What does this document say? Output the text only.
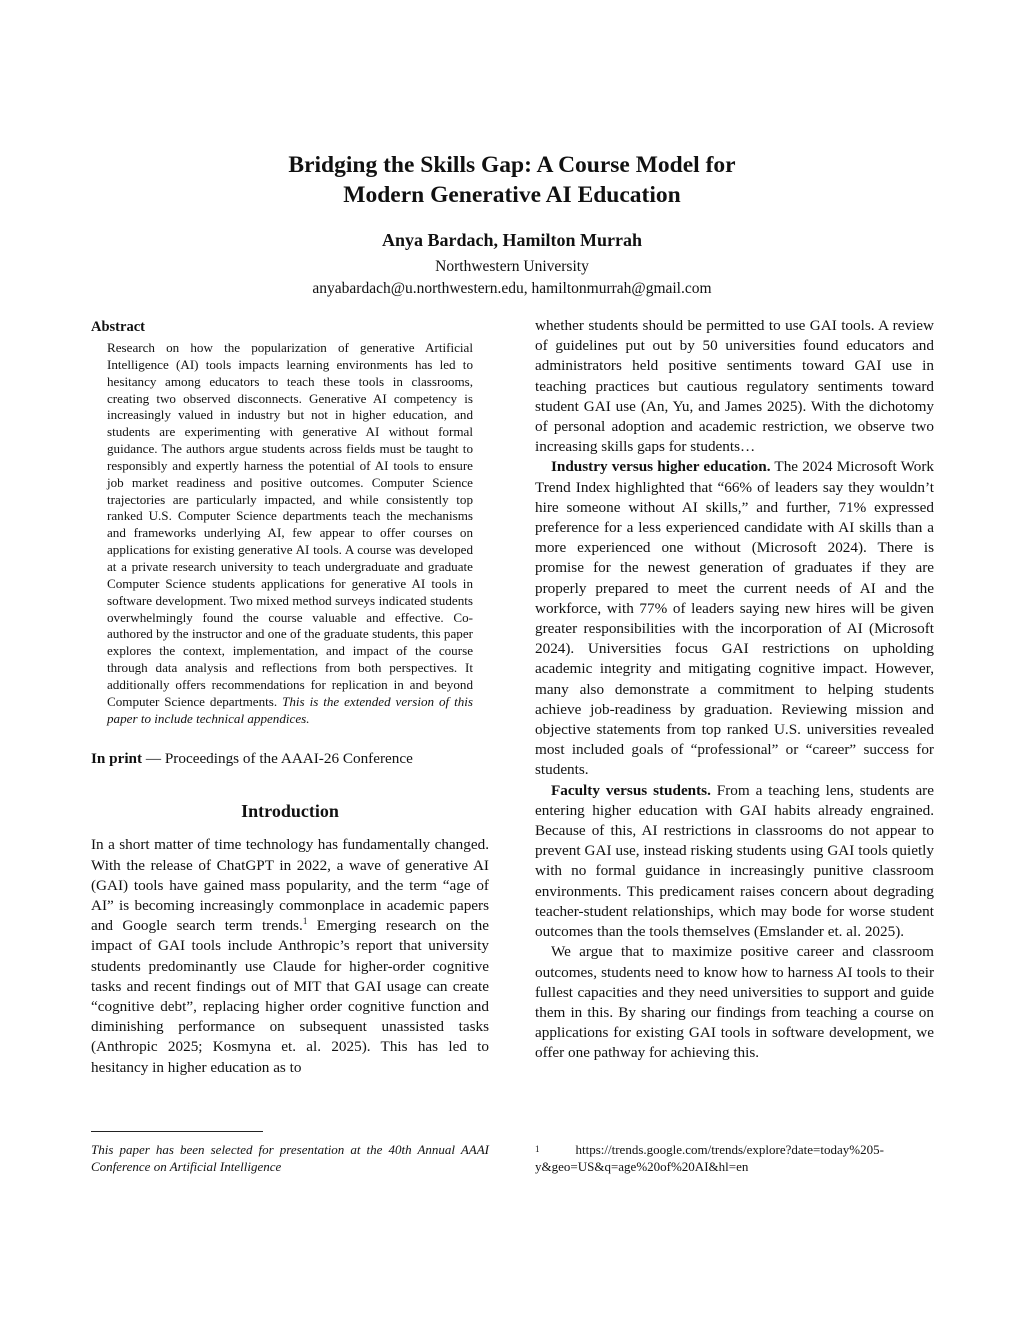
Bridging the Skills Gap: A Course Model for
Modern Generative AI Education
Anya Bardach, Hamilton Murrah
Northwestern University
anyabardach@u.northwestern.edu, hamiltonmurrah@gmail.com
Abstract

Research on how the popularization of generative Artificial Intelligence (AI) tools impacts learning environments has led to hesitancy among educators to teach these tools in classrooms, creating two observed disconnects. Generative AI competency is increasingly valued in industry but not in higher education, and students are experimenting with generative AI without formal guidance. The authors argue students across fields must be taught to responsibly and expertly harness the potential of AI tools to ensure job market readiness and positive outcomes. Computer Science trajectories are particularly impacted, and while consistently top ranked U.S. Computer Science departments teach the mechanisms and frameworks underlying AI, few appear to offer courses on applications for existing generative AI tools. A course was developed at a private research university to teach undergraduate and graduate Computer Science students applications for generative AI tools in software development. Two mixed method surveys indicated students overwhelmingly found the course valuable and effective. Co-authored by the instructor and one of the graduate students, this paper explores the context, implementation, and impact of the course through data analysis and reflections from both perspectives. It additionally offers recommendations for replication in and beyond Computer Science departments. This is the extended version of this paper to include technical appendices.

In print — Proceedings of the AAAI-26 Conference
Introduction

In a short matter of time technology has fundamentally changed. With the release of ChatGPT in 2022, a wave of generative AI (GAI) tools have gained mass popularity, and the term “age of AI” is becoming increasingly commonplace in academic papers and Google search term trends.$^1$ Emerging research on the impact of GAI tools include Anthropic’s report that university students predominantly use Claude for higher-order cognitive tasks and recent findings out of MIT that GAI usage can create “cognitive debt”, replacing higher order cognitive function and diminishing performance on subsequent unassisted tasks (Anthropic 2025; Kosmyna et. al. 2025). This has led to hesitancy in higher education as to

whether students should be permitted to use GAI tools. A review of guidelines put out by 50 universities found educators and administrators held positive sentiments toward GAI use in teaching practices but cautious regulatory sentiments toward student GAI use (An, Yu, and James 2025). With the dichotomy of personal adoption and academic restriction, we observe two increasing skills gaps for students…

Industry versus higher education. The 2024 Microsoft Work Trend Index highlighted that “66% of leaders say they wouldn’t hire someone without AI skills,” and further, 71% expressed preference for a less experienced candidate with AI skills than a more experienced one without (Microsoft 2024). There is promise for the newest generation of graduates if they are properly prepared to meet the current needs of AI and the workforce, with 77% of leaders saying new hires will be given greater responsibilities with the incorporation of AI (Microsoft 2024). Universities focus GAI restrictions on upholding academic integrity and mitigating cognitive impact. However, many also demonstrate a commitment to helping students achieve job-readiness by graduation. Reviewing mission and objective statements from top ranked U.S. universities revealed most included goals of “professional” or “career” success for students.

Faculty versus students. From a teaching lens, students are entering higher education with GAI habits already engrained. Because of this, AI restrictions in classrooms do not appear to prevent GAI use, instead risking students using GAI tools quietly with no formal guidance in increasingly punitive classroom environments. This predicament raises concern about degrading teacher-student relationships, which may bode for worse student outcomes than the tools themselves (Emslander et. al. 2025).

We argue that to maximize positive career and classroom outcomes, students need to know how to harness AI tools to their fullest capacities and they need universities to support and guide them in this. By sharing our findings from teaching a course on applications for existing GAI tools in software development, we offer one pathway for achieving this.

This paper has been selected for presentation at the 40th Annual AAAI Conference on Artificial Intelligence
$^1$	https://trends.google.com/trends/explore?date=today%205-y&geo=US&q=age%20of%20AI&hl=en
